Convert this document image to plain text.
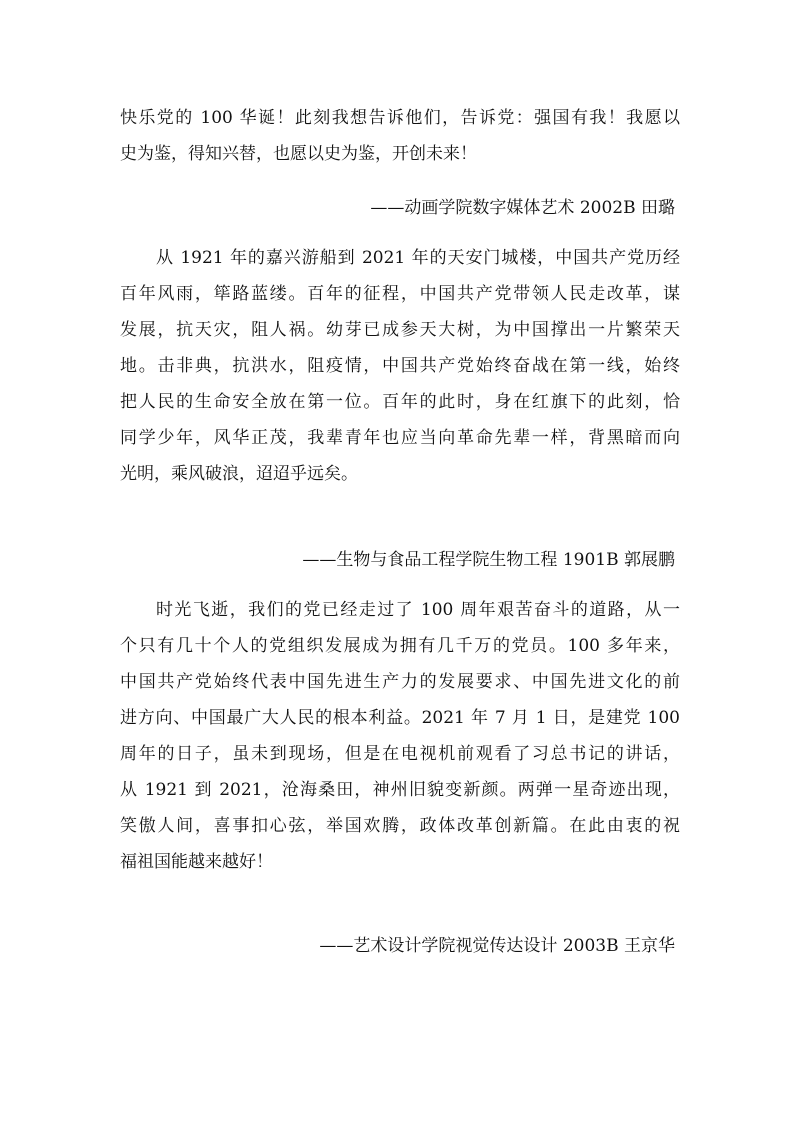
快乐党的 100 华诞！此刻我想告诉他们，告诉党：强国有我！我愿以
史为鉴，得知兴替，也愿以史为鉴，开创未来！
——动画学院数字媒体艺术 2002B 田璐
从 1921 年的嘉兴游船到 2021 年的天安门城楼，中国共产党历经
百年风雨，筚路蓝缕。百年的征程，中国共产党带领人民走改革，谋
发展，抗天灾，阻人祸。幼芽已成参天大树，为中国撑出一片繁荣天
地。击非典，抗洪水，阻疫情，中国共产党始终奋战在第一线，始终
把人民的生命安全放在第一位。百年的此时，身在红旗下的此刻，恰
同学少年，风华正茂，我辈青年也应当向革命先辈一样，背黑暗而向
光明，乘风破浪，迢迢乎远矣。
——生物与食品工程学院生物工程 1901B 郭展鹏
时光飞逝，我们的党已经走过了 100 周年艰苦奋斗的道路，从一
个只有几十个人的党组织发展成为拥有几千万的党员。100 多年来，
中国共产党始终代表中国先进生产力的发展要求、中国先进文化的前
进方向、中国最广大人民的根本利益。2021 年 7 月 1 日，是建党 100
周年的日子，虽未到现场，但是在电视机前观看了习总书记的讲话，
从 1921 到 2021，沧海桑田，神州旧貌变新颜。两弹一星奇迹出现，
笑傲人间，喜事扣心弦，举国欢腾，政体改革创新篇。在此由衷的祝
福祖国能越来越好！
——艺术设计学院视觉传达设计 2003B 王京华
